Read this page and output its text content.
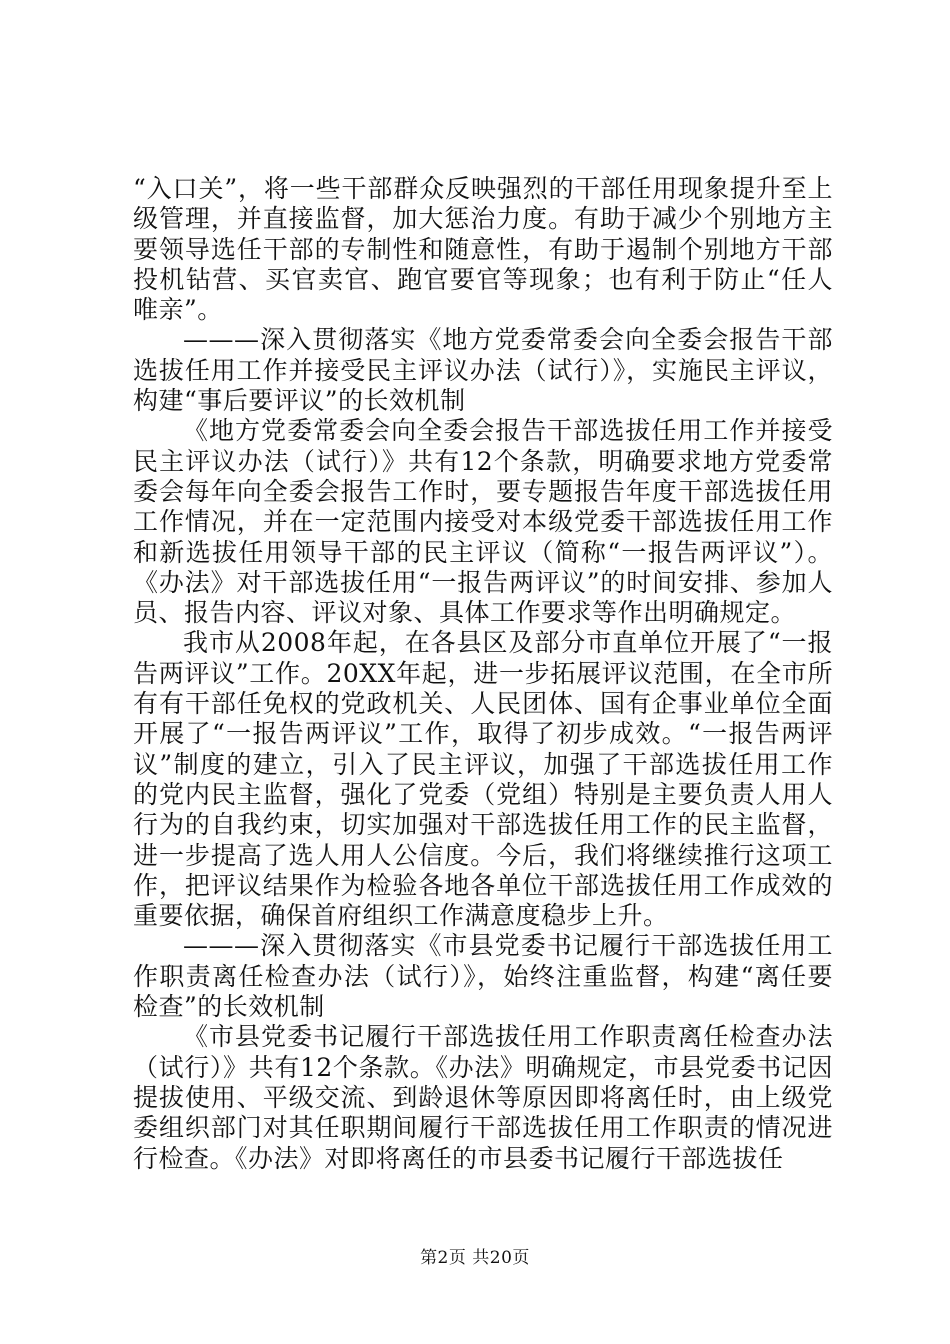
“入口关”，将一些干部群众反映强烈的干部任用现象提升至上级管理，并直接监督，加大惩治力度。有助于减少个别地方主要领导选任干部的专制性和随意性，有助于遏制个别地方干部投机钻营、买官卖官、跑官要官等现象；也有利于防止“任人唯亲”。

———深入贯彻落实《地方党委常委会向全委会报告干部选拔任用工作并接受民主评议办法（试行）》，实施民主评议，构建“事后要评议”的长效机制

《地方党委常委会向全委会报告干部选拔任用工作并接受民主评议办法（试行）》共有12个条款，明确要求地方党委常委会每年向全委会报告工作时，要专题报告年度干部选拔任用工作情况，并在一定范围内接受对本级党委干部选拔任用工作和新选拔任用领导干部的民主评议（简称“一报告两评议”）。《办法》对干部选拔任用“一报告两评议”的时间安排、参加人员、报告内容、评议对象、具体工作要求等作出明确规定。

我市从2008年起，在各县区及部分市直单位开展了“一报告两评议”工作。20XX年起，进一步拓展评议范围，在全市所有有干部任免权的党政机关、人民团体、国有企事业单位全面开展了“一报告两评议”工作，取得了初步成效。“一报告两评议”制度的建立，引入了民主评议，加强了干部选拔任用工作的党内民主监督，强化了党委（党组）特别是主要负责人用人行为的自我约束，切实加强对干部选拔任用工作的民主监督，进一步提高了选人用人公信度。今后，我们将继续推行这项工作，把评议结果作为检验各地各单位干部选拔任用工作成效的重要依据，确保首府组织工作满意度稳步上升。

———深入贯彻落实《市县党委书记履行干部选拔任用工作职责离任检查办法（试行）》，始终注重监督，构建“离任要检查”的长效机制

《市县党委书记履行干部选拔任用工作职责离任检查办法（试行）》共有12个条款。《办法》明确规定，市县党委书记因提拔使用、平级交流、到龄退休等原因即将离任时，由上级党委组织部门对其任职期间履行干部选拔任用工作职责的情况进行检查。《办法》对即将离任的市县委书记履行干部选拔任

第2页 共20页
